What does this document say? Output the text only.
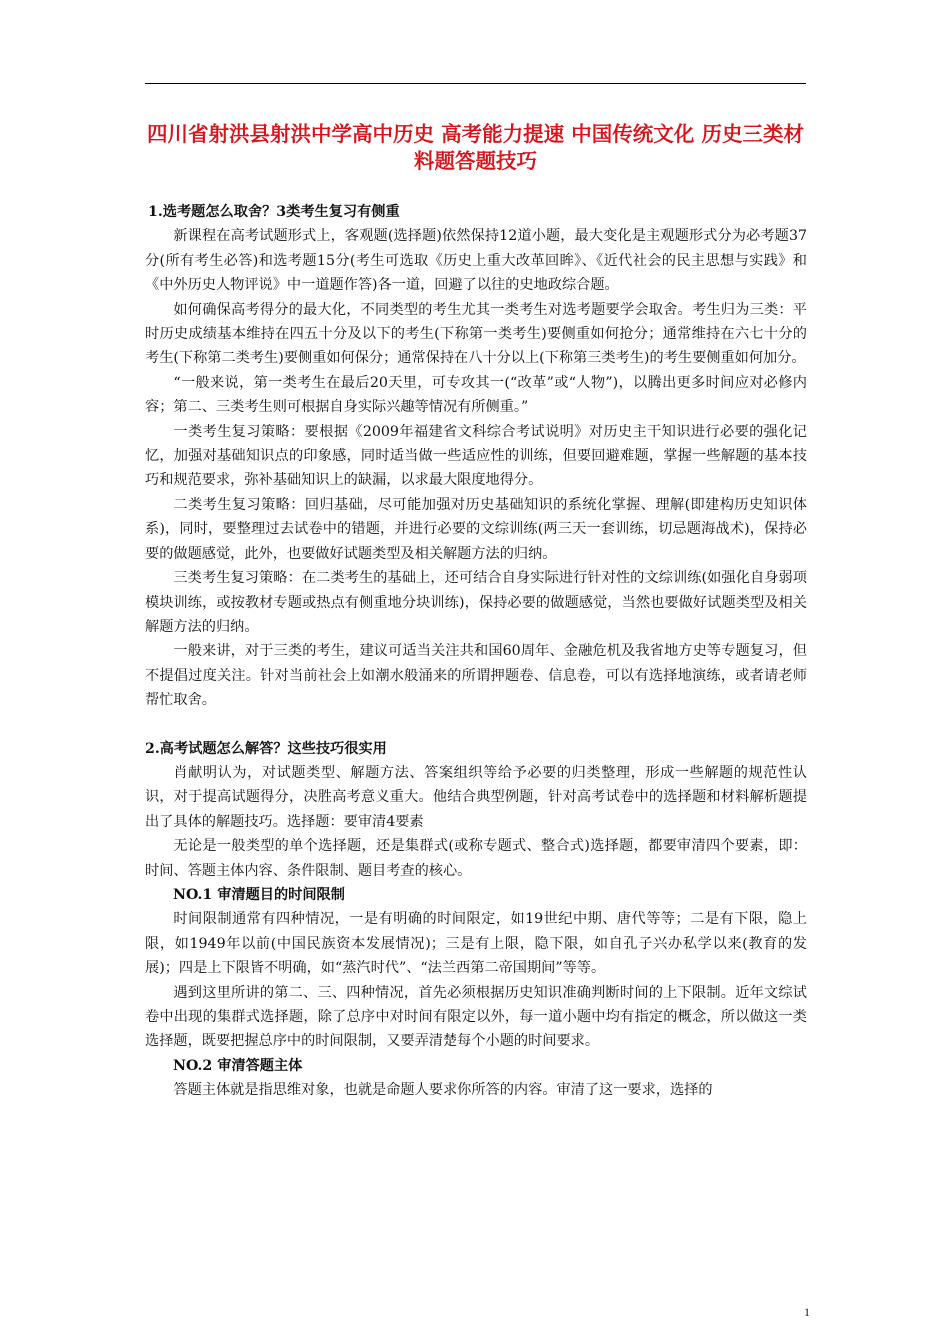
四川省射洪县射洪中学高中历史 高考能力提速 中国传统文化 历史三类材料题答题技巧

1.选考题怎么取舍？3类考生复习有侧重

新课程在高考试题形式上，客观题(选择题)依然保持12道小题，最大变化是主观题形式分为必考题37分(所有考生必答)和选考题15分(考生可选取《历史上重大改革回眸》、《近代社会的民主思想与实践》和《中外历史人物评说》中一道题作答)各一道，回避了以往的史地政综合题。

如何确保高考得分的最大化，不同类型的考生尤其一类考生对选考题要学会取舍。考生归为三类：平时历史成绩基本维持在四五十分及以下的考生(下称第一类考生)要侧重如何抢分；通常维持在六七十分的考生(下称第二类考生)要侧重如何保分；通常保持在八十分以上(下称第三类考生)的考生要侧重如何加分。

“一般来说，第一类考生在最后20天里，可专攻其一(“改革”或“人物”)，以腾出更多时间应对必修内容；第二、三类考生则可根据自身实际兴趣等情况有所侧重。”

一类考生复习策略：要根据《2009年福建省文科综合考试说明》对历史主干知识进行必要的强化记忆，加强对基础知识点的印象感，同时适当做一些适应性的训练，但要回避难题，掌握一些解题的基本技巧和规范要求，弥补基础知识上的缺漏，以求最大限度地得分。

二类考生复习策略：回归基础，尽可能加强对历史基础知识的系统化掌握、理解(即建构历史知识体系)，同时，要整理过去试卷中的错题，并进行必要的文综训练(两三天一套训练，切忌题海战术)，保持必要的做题感觉，此外，也要做好试题类型及相关解题方法的归纳。

三类考生复习策略：在二类考生的基础上，还可结合自身实际进行针对性的文综训练(如强化自身弱项模块训练，或按教材专题或热点有侧重地分块训练)，保持必要的做题感觉，当然也要做好试题类型及相关解题方法的归纳。

一般来讲，对于三类的考生，建议可适当关注共和国60周年、金融危机及我省地方史等专题复习，但不提倡过度关注。针对当前社会上如潮水般涌来的所谓押题卷、信息卷，可以有选择地演练，或者请老师帮忙取舍。

2.高考试题怎么解答？这些技巧很实用

肖献明认为，对试题类型、解题方法、答案组织等给予必要的归类整理，形成一些解题的规范性认识，对于提高试题得分，决胜高考意义重大。他结合典型例题，针对高考试卷中的选择题和材料解析题提出了具体的解题技巧。选择题：要审清4要素

无论是一般类型的单个选择题，还是集群式(或称专题式、整合式)选择题，都要审清四个要素，即：时间、答题主体内容、条件限制、题目考查的核心。

NO.1 审清题目的时间限制

时间限制通常有四种情况，一是有明确的时间限定，如19世纪中期、唐代等等；二是有下限，隐上限，如1949年以前(中国民族资本发展情况)；三是有上限，隐下限，如自孔子兴办私学以来(教育的发展)；四是上下限皆不明确，如“蒸汽时代”、“法兰西第二帝国期间”等等。

遇到这里所讲的第二、三、四种情况，首先必须根据历史知识准确判断时间的上下限制。近年文综试卷中出现的集群式选择题，除了总序中对时间有限定以外，每一道小题中均有指定的概念，所以做这一类选择题，既要把握总序中的时间限制，又要弄清楚每个小题的时间要求。

NO.2 审清答题主体

答题主体就是指思维对象，也就是命题人要求你所答的内容。审清了这一要求，选择的

1
